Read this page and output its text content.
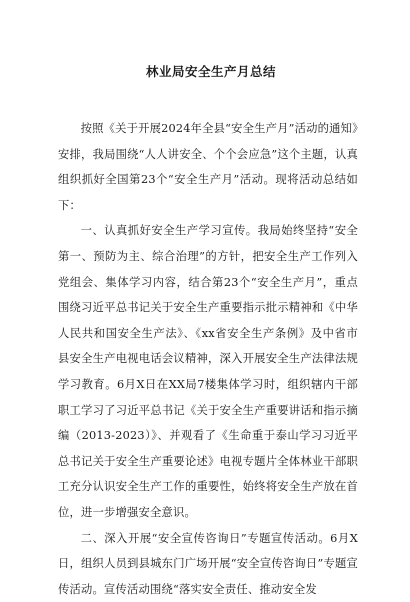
林业局安全生产月总结

按照《关于开展2024年全县“安全生产月”活动的通知》安排，我局围绕“人人讲安全、个个会应急”这个主题，认真组织抓好全国第23个“安全生产月”活动。现将活动总结如下：

一、认真抓好安全生产学习宣传。我局始终坚持“安全第一、预防为主、综合治理”的方针，把安全生产工作列入党组会、集体学习内容，结合第23个“安全生产月”，重点围绕习近平总书记关于安全生产重要指示批示精神和《中华人民共和国安全生产法》、《xx省安全生产条例》及中省市县安全生产电视电话会议精神，深入开展安全生产法律法规学习教育。6月X日在XX局7楼集体学习时，组织辖内干部职工学习了习近平总书记《关于安全生产重要讲话和指示摘编（2013-2023）》、并观看了《生命重于泰山学习习近平总书记关于安全生产重要论述》电视专题片全体林业干部职工充分认识安全生产工作的重要性，始终将安全生产放在首位，进一步增强安全意识。

二、深入开展“安全宣传咨询日”专题宣传活动。6月X日，组织人员到县城东门广场开展“安全宣传咨询日”专题宣传活动。宣传活动围绕“落实安全责任、推动安全发
